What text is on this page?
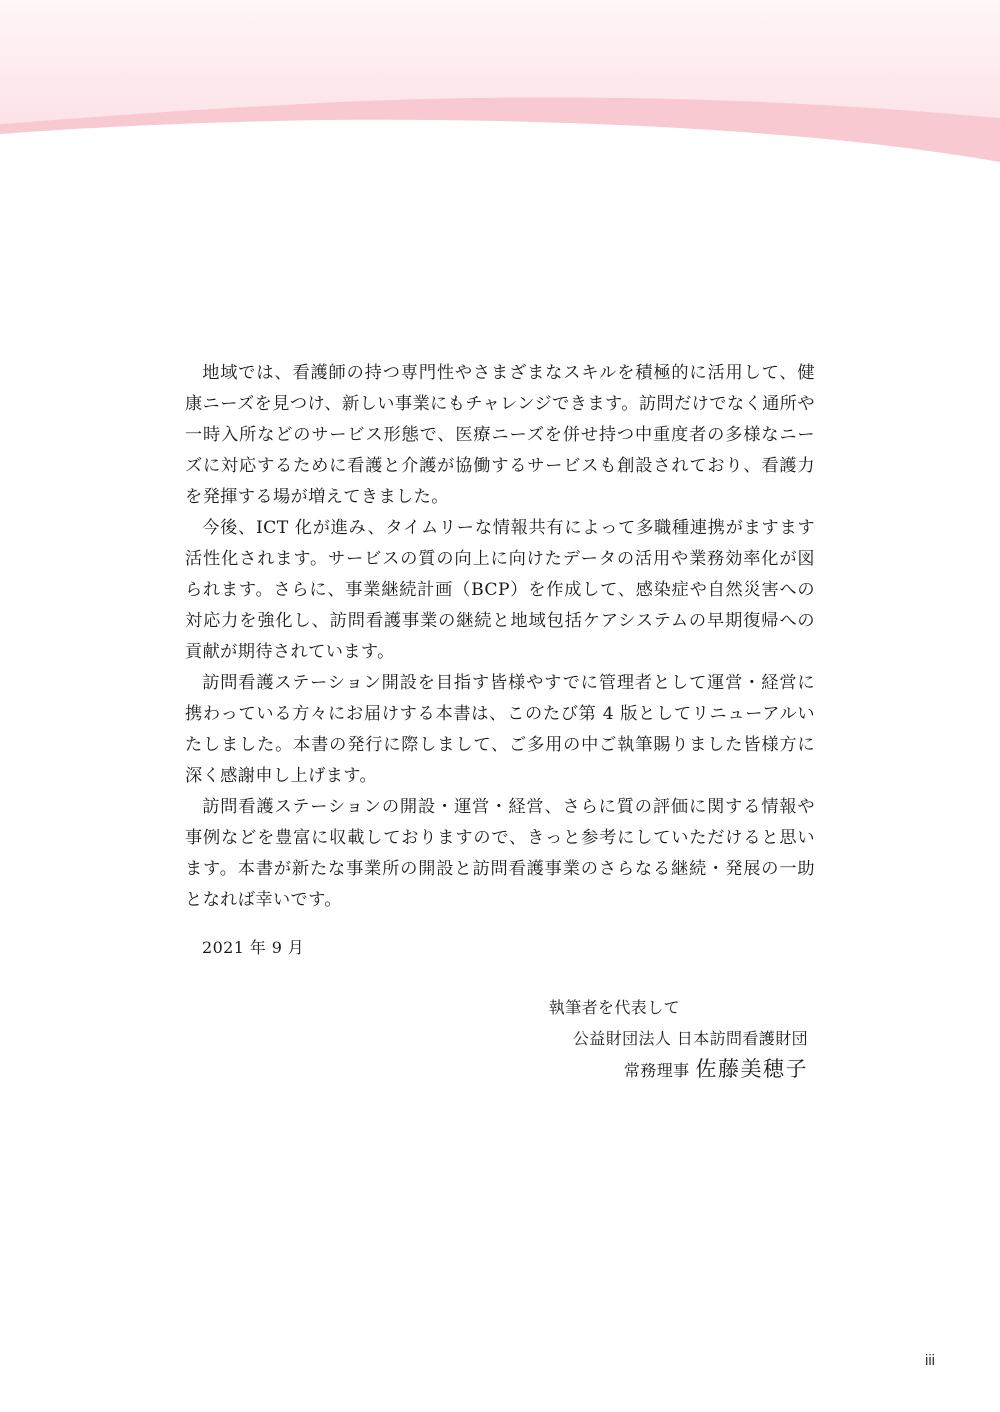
地域では、看護師の持つ専門性やさまざまなスキルを積極的に活用して、健康ニーズを見つけ、新しい事業にもチャレンジできます。訪問だけでなく通所や一時入所などのサービス形態で、医療ニーズを併せ持つ中重度者の多様なニーズに対応するために看護と介護が協働するサービスも創設されており、看護力を発揮する場が増えてきました。

今後、ICT 化が進み、タイムリーな情報共有によって多職種連携がますます活性化されます。サービスの質の向上に向けたデータの活用や業務効率化が図られます。さらに、事業継続計画（BCP）を作成して、感染症や自然災害への対応力を強化し、訪問看護事業の継続と地域包括ケアシステムの早期復帰への貢献が期待されています。

訪問看護ステーション開設を目指す皆様やすでに管理者として運営・経営に携わっている方々にお届けする本書は、このたび第 4 版としてリニューアルいたしました。本書の発行に際しまして、ご多用の中ご執筆賜りました皆様方に深く感謝申し上げます。

訪問看護ステーションの開設・運営・経営、さらに質の評価に関する情報や事例などを豊富に収載しておりますので、きっと参考にしていただけると思います。本書が新たな事業所の開設と訪問看護事業のさらなる継続・発展の一助となれば幸いです。

2021 年 9 月
執筆者を代表して
公益財団法人 日本訪問看護財団
常務理事 佐藤美穂子
iii
